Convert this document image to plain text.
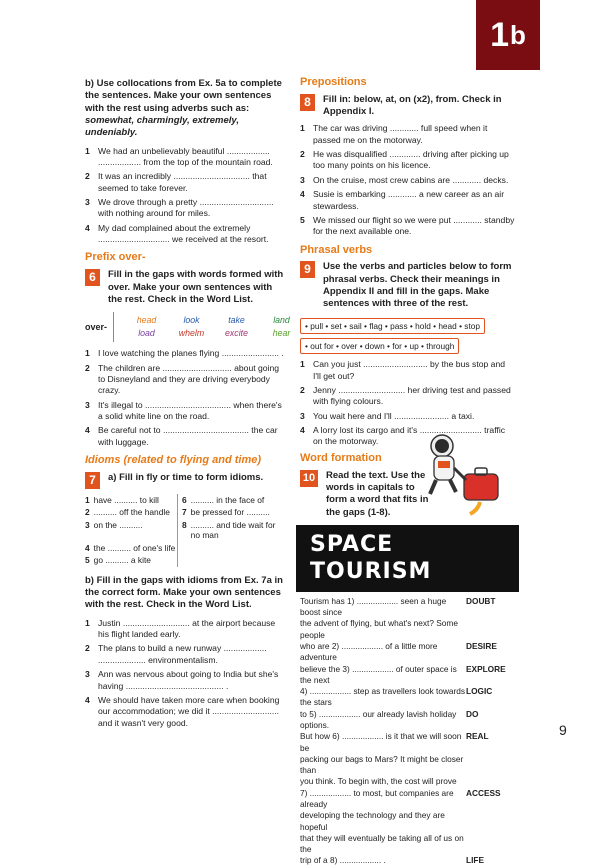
1 b
b) Use collocations from Ex. 5a to complete the sentences. Make your own sentences with the rest using adverbs such as: somewhat, charmingly, extremely, undeniably.
1 We had an unbelievably beautiful .................. .................. from the top of the mountain road.
2 It was an incredibly ................................ that seemed to take forever.
3 We drove through a pretty ............................... with nothing around for miles.
4 My dad complained about the extremely .............................. we received at the resort.
Prefix over-
6	Fill in the gaps with words formed with over. Make your own sentences with the rest. Check in the Word List.
over-
head	look	take	land
load	whelm	excite	hear
1 I love watching the planes flying ........................ .
2 The children are ............................. about going to Disneyland and they are driving everybody crazy.
3 It's illegal to .................................... when there's a solid white line on the road.
4 Be careful not to .................................... the car with luggage.
Idioms (related to flying and time)
7	a) Fill in fly or time to form idioms.
1 have .......... to kill	6 .......... in the face of
2 .......... off the handle 7 be pressed for ..........
3 on the ..........	8 .......... and tide wait for no man
4 the .......... of one's life
5 go .......... a kite
b) Fill in the gaps with idioms from Ex. 7a in the correct form. Make your own sentences with the rest. Check in the Word List.
1 Justin ............................ at the airport because his flight landed early.
2 The plans to build a new runway .................. .................... environmentalism.
3 Ann was nervous about going to India but she's having ......................................... .
4 We should have taken more care when booking our accommodation; we did it ............................ and it wasn't very good.
Prepositions
8	Fill in: below, at, on (x2), from. Check in Appendix I.
1 The car was driving ............ full speed when it passed me on the motorway.
2 He was disqualified ............. driving after picking up too many points on his licence.
3 On the cruise, most crew cabins are ............ decks.
4 Susie is embarking ............ a new career as an air stewardess.
5 We missed our flight so we were put ............ standby for the next available one.
Phrasal verbs
9	Use the verbs and particles below to form phrasal verbs. Check their meanings in Appendix II and fill in the gaps. Make sentences with three of the rest.
• pull • set • sail • flag • pass • hold • head • stop
• out for • over • down • for • up • through
1 Can you just ........................... by the bus stop and I'll get out?
2 Jenny ............................ her driving test and passed with flying colours.
3 You wait here and I'll ....................... a taxi.
4 A lorry lost its cargo and it's .......................... traffic on the motorway.
Word formation
10	Read the text. Use the words in capitals to form a word that fits in the gaps (1-8).
SPACE TOURISM
Tourism has 1) .................. seen a huge boost since
DOUBT
the advent of flying, but what's next? Some people
who are 2) .................. of a little more adventure
DESIRE
believe the 3) .................. of outer space is the next
EXPLORE
4) .................. step as travellers look towards the stars
LOGIC
to 5) .................. our already lavish holiday options.
DO
But how 6) .................. is it that we will soon be
REAL
packing our bags to Mars? It might be closer than
you think. To begin with, the cost will prove
7) .................. to most, but companies are already
ACCESS
developing the technology and they are hopeful
that they will eventually be taking all of us on the
trip of a 8) .................. .	LIFE
9
